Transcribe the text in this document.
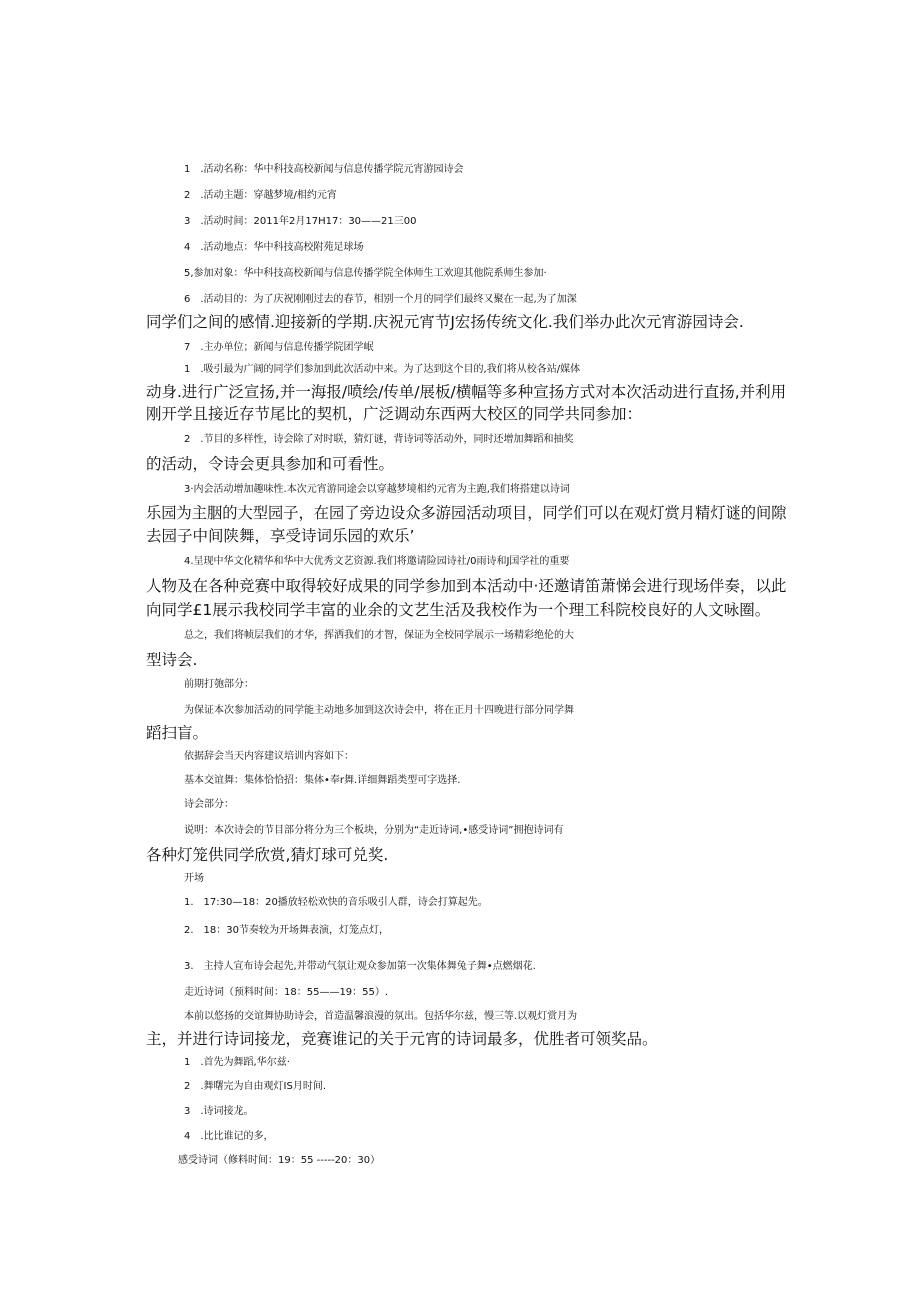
1　.活动名称：华中科技高校新闻与信息传播学院元宵游园诗会
2　.活动主题：穿越梦境/相约元宵
3　.活动时间：2011年2月17H17：30——21三00
4　.活动地点：华中科技高校附苑足球场
5,参加对象：华中科技高校新闻与信息传播学院全体师生工欢迎其他院系师生参加·
6　.活动目的：为了庆祝刚刚过去的春节，相别一个月的同学们最终又聚在一起,为了加深
同学们之间的感情.迎接新的学期.庆祝元宵节J宏扬传统文化.我们举办此次元宵游园诗会.
7　.主办单位；新闻与信息传播学院团学岷
1　.吸引最为广阔的同学们参加到此次活动中来。为了达到这个目的,我们将从校各站/媒体
动身.进行广泛宣扬,并一海报/喷绘/传单/展板/横幅等多种宣扬方式对本次活动进行直扬,并利用
刚开学且接近存节尾比的契机，广泛调动东西两大校区的同学共同参加：
2　.节目的多样性，诗会除了对时联，猜灯谜，背诗词等活动外，同时还增加舞蹈和抽奖
的活动，令诗会更具参加和可看性。
3·内会活动增加趣味性.本次元宵游同途会以穿越梦境相约元宵为主跑,我们将搭建以诗词
乐园为主胭的大型园子，在园了旁边设众多游园活动项目，同学们可以在观灯赏月精灯谜的间隙
去园子中间陕舞，享受诗词乐园的欢乐’
4.呈现中华文化精华和华中大优秀文艺资源.我们将邀请险园诗社/0雨诗和J国学社的重要
人物及在各种竞赛中取得较好成果的同学参加到本活动中·还邀请笛萧悌会进行现场伴奏，以此
向同学£1展示我校同学丰富的业余的文艺生活及我校作为一个理工科院校良好的人文咏圈。
总之，我们将帧层我们的才华，挥洒我们的才智，保证为全校同学展示一场精彩绝伦的大
型诗会.
前期打匏部分：
为保证本次参加活动的同学能主动地多加到这次诗会中，将在正月十四晚进行部分同学舞
蹈扫盲。
依据辞会当天内容建议培训内容如下：
基本交谊舞：集体恰恰招：集体•奉r舞.详细舞蹈类型可字选择.
诗会部分：
说明：本次诗会的节目部分将分为三个板块，分别为“走近诗词,•感受诗词”拥抱诗词有
各种灯笼供同学欣赏,猜灯球可兑奖.
开场
1.　17:30—18：20播放轻松欢快的音乐吸引人群，诗会打算起先。
2.　18：30节奏较为开场舞表演，灯笼点灯，
3.　主持人宣布诗会起先,并带动气氛让观众参加第一次集体舞兔子舞•点燃烟花.
走近诗词（预料时间：18：55——19：55）.
本前以悠扬的交谊舞协助诗会，首造温馨浪漫的氛出。包括华尔兹，慢三等.以观灯赏月为
主，并进行诗词接龙，竞赛谁记的关于元宵的诗词最多，优胜者可领奖品。
1　.首先为舞蹈,华尔兹·
2　.舞曙完为自由观灯IS月时间.
3　.诗词接龙。
4　.比比谁记的多，
感受诗词（修料时间：19：55 -----20：30）
